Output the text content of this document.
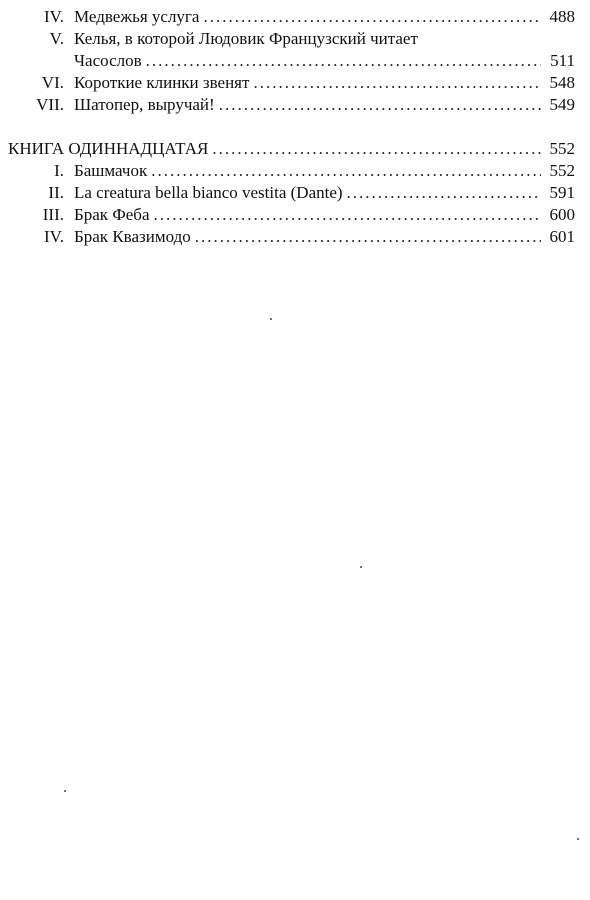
IV. Медвежья услуга .....	488
V. Келья, в которой Людовик Французский читает
Часослов .....	511
VI. Короткие клинки звенят .....	548
VII. Шатопер, выручай! .....	549
КНИГА ОДИННАДЦАТАЯ .....	552
I. Башмачок .....	552
II. La creatura bella bianco vestita (Dante) .....	591
III. Брак Феба .....	600
IV. Брак Квазимодо .....	601
